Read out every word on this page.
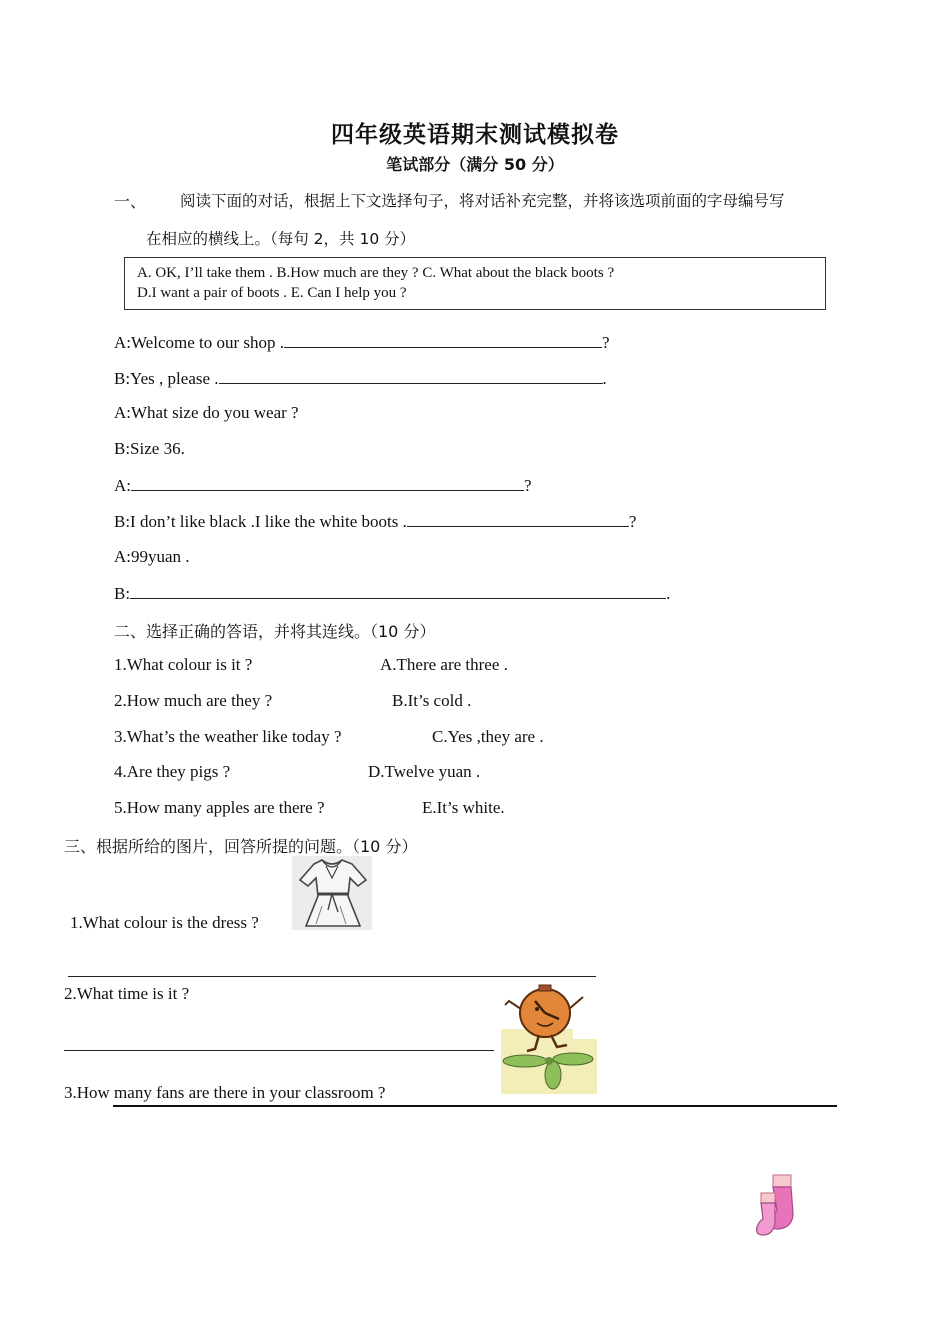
四年级英语期末测试模拟卷
笔试部分（满分 50 分）
一、 阅读下面的对话，根据上下文选择句子，将对话补充完整，并将该选项前面的字母编号写
在相应的横线上。（每句 2，共 10 分）
A. OK, I’ll take them . B.How much are they ? C. What about the black boots ?
D.I want a pair of boots . E. Can I help you ?
A:Welcome to our shop .	?
B:Yes , please .	.
A:What size do you wear ?
B:Size 36.
A:	?
B:I don’t like black .I like the white boots .	?
A:99yuan .
B:	.
二、选择正确的答语，并将其连线。（10 分）
1.What colour is it ?	A.There are three .
2.How much are they ?	B.It’s cold .
3.What’s the weather like today ?	C.Yes ,they are .
4.Are they pigs ?	D.Twelve yuan .
5.How many apples are there ?	E.It’s white.
三、根据所给的图片，回答所提的问题。（10 分）
1.What colour is the dress ?
2.What time is it ?
3.How many fans are there in your classroom ?
